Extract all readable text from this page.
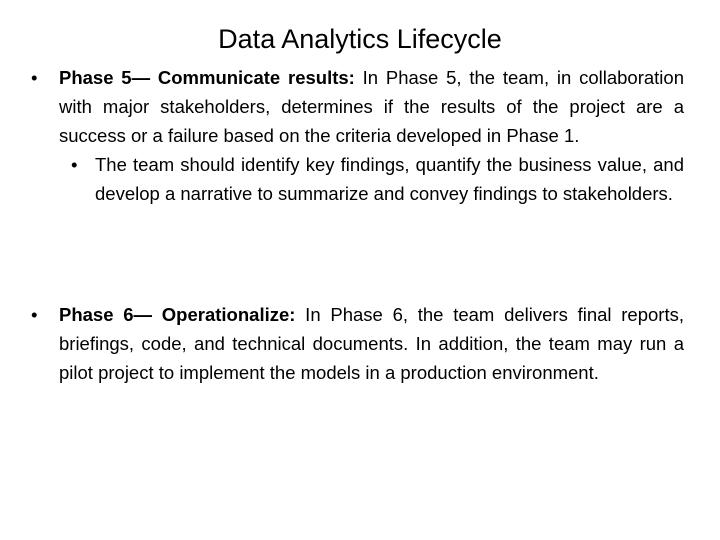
Data Analytics Lifecycle
• Phase 5— Communicate results: In Phase 5, the team, in collaboration with major stakeholders, determines if the results of the project are a success or a failure based on the criteria developed in Phase 1.
• The team should identify key findings, quantify the business value, and develop a narrative to summarize and convey findings to stakeholders.
• Phase 6— Operationalize: In Phase 6, the team delivers final reports, briefings, code, and technical documents. In addition, the team may run a pilot project to implement the models in a production environment.
